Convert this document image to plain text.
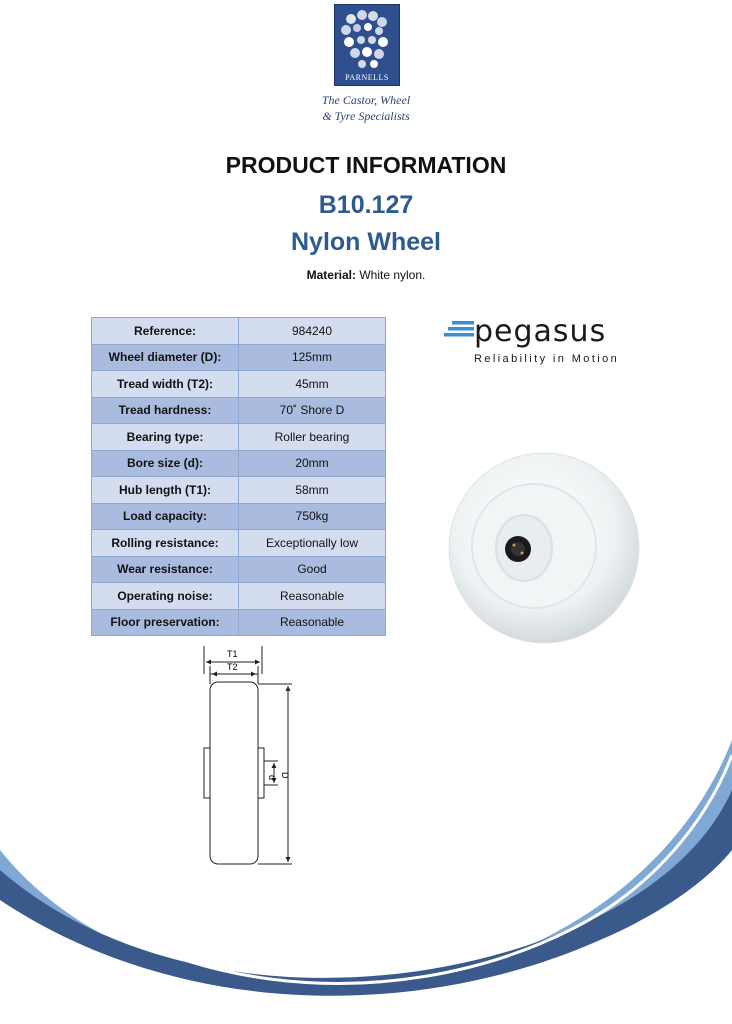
PARNELLS
The Castor, Wheel
& Tyre Specialists
PRODUCT INFORMATION
B10.127
Nylon Wheel
Material: White nylon.
Reference:	984240
Wheel diameter (D):	125mm
Tread width (T2):	45mm
Tread hardness:	70˚ Shore D
Bearing type:	Roller bearing
Bore size (d):	20mm
Hub length (T1):	58mm
Load capacity:	750kg
Rolling resistance:	Exceptionally low
Wear resistance:	Good
Operating noise:	Reasonable
Floor preservation:	Reasonable
pegasus
Reliability in Motion
T1
T2
d D
